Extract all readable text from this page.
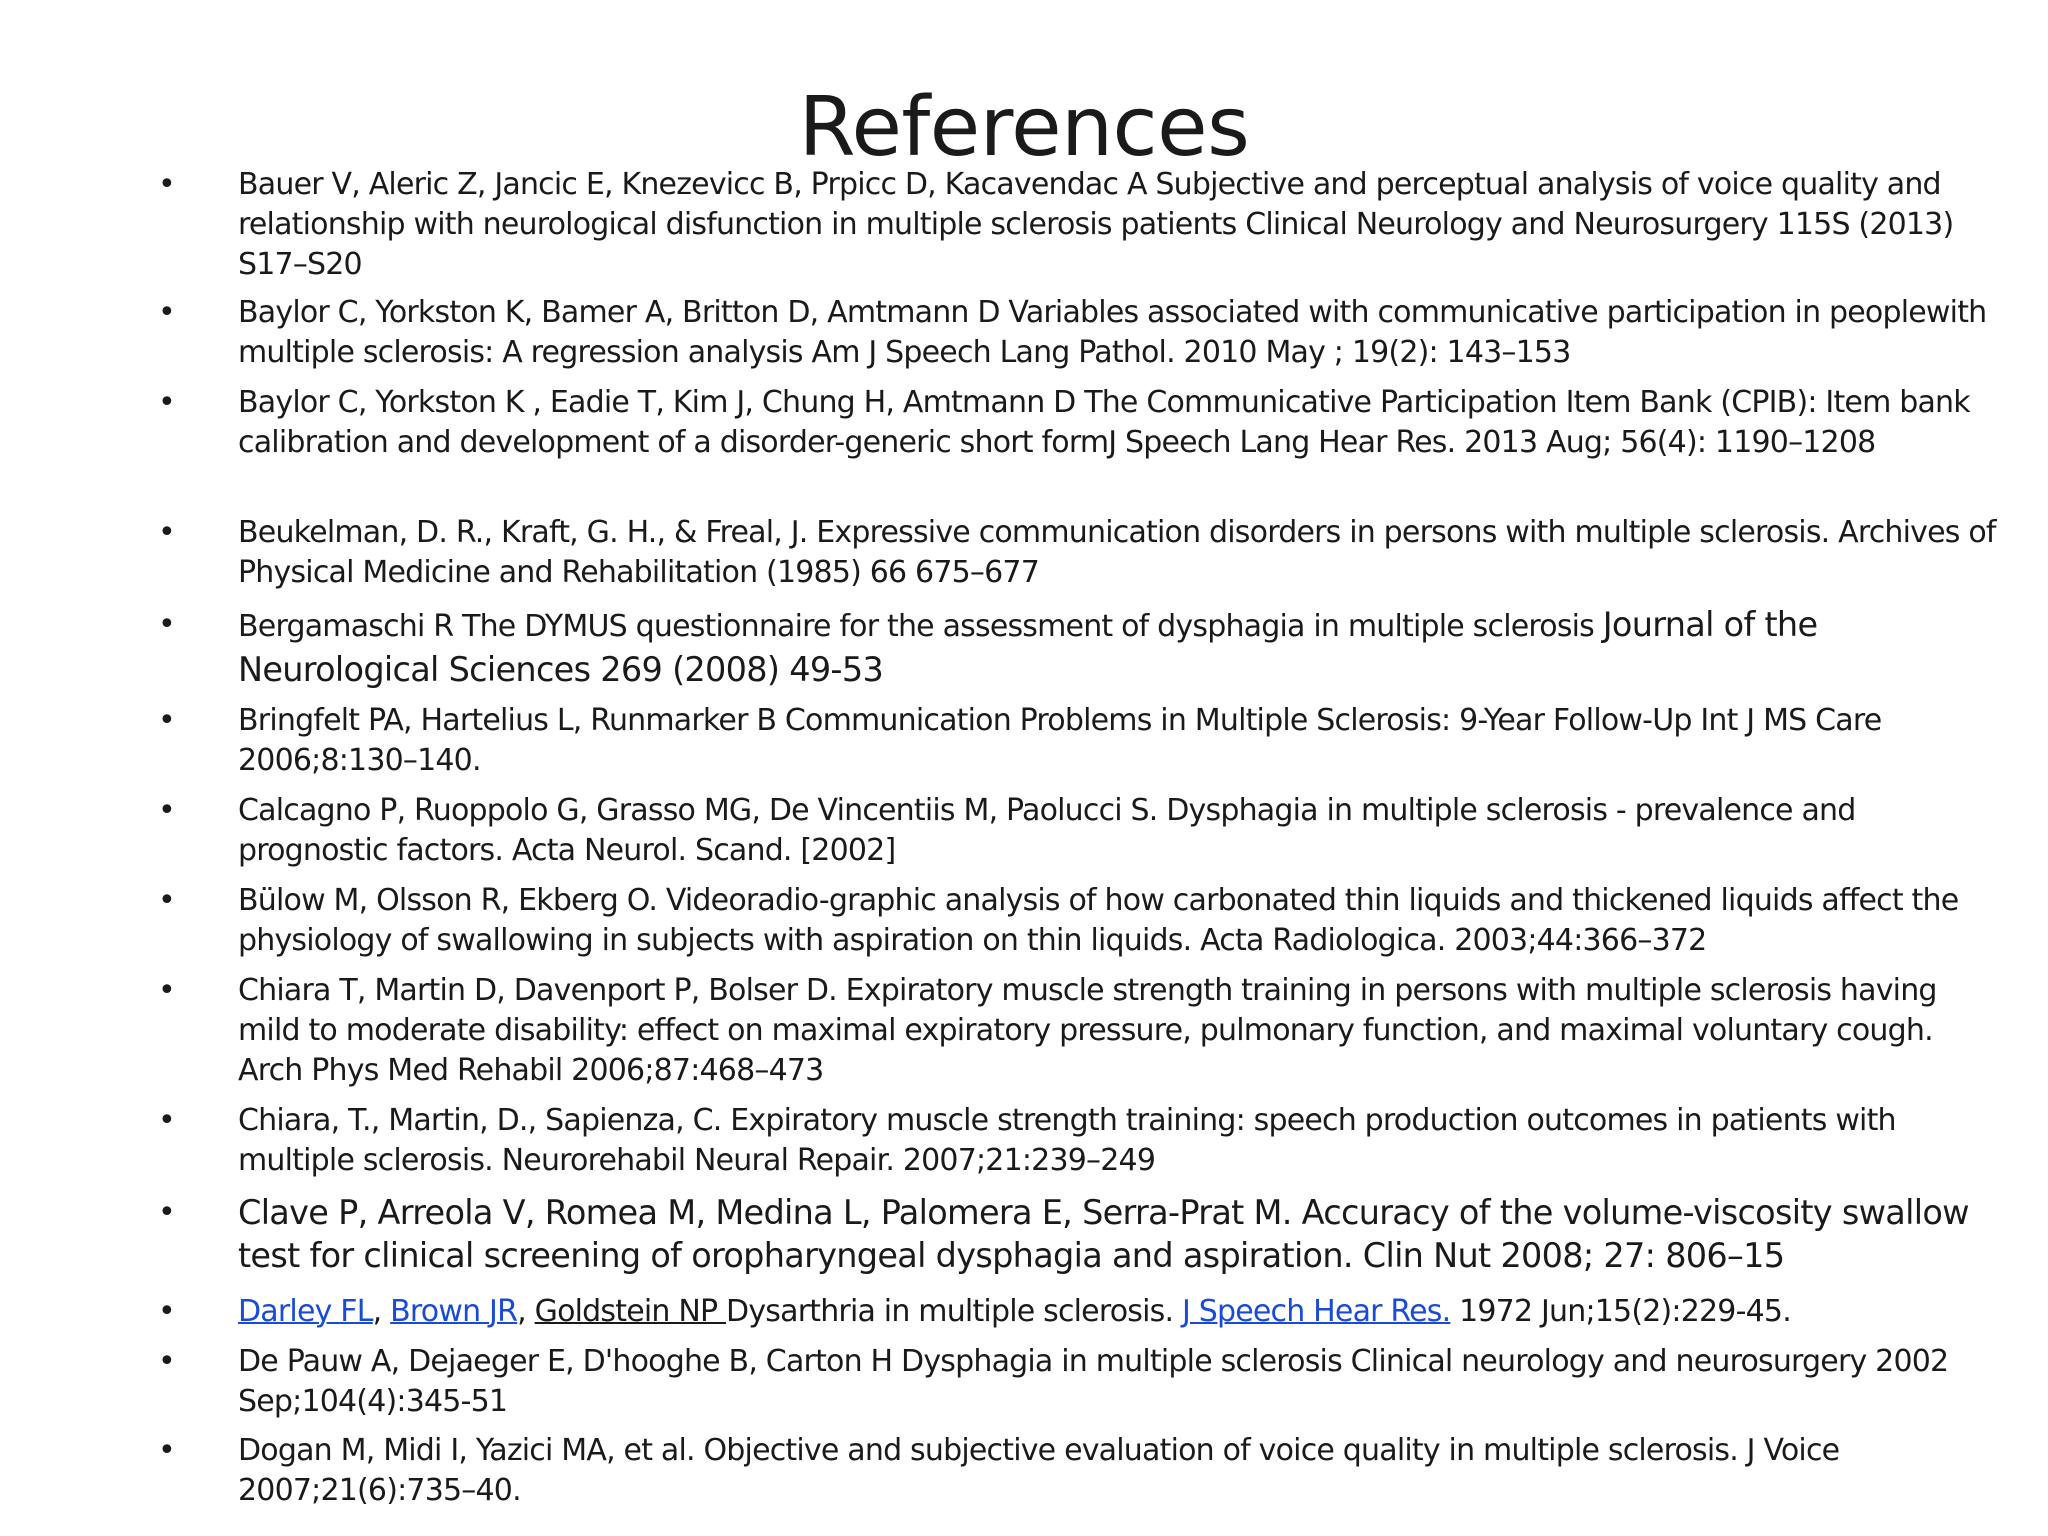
References
• Bauer V, Aleric Z, Jancic E, Knezevicc B, Prpicc D, Kacavendac A Subjective and perceptual analysis of voice quality and relationship with neurological disfunction in multiple sclerosis patients Clinical Neurology and Neurosurgery 115S (2013) S17–S20
• Baylor C, Yorkston K, Bamer A, Britton D, Amtmann D Variables associated with communicative participation in peoplewith multiple sclerosis: A regression analysis Am J Speech Lang Pathol. 2010 May ; 19(2): 143–153
• Baylor C, Yorkston K , Eadie T, Kim J, Chung H, Amtmann D The Communicative Participation Item Bank (CPIB): Item bank calibration and development of a disorder-generic short formJ Speech Lang Hear Res. 2013 Aug; 56(4): 1190–1208
• Beukelman, D. R., Kraft, G. H., & Freal, J. Expressive communication disorders in persons with multiple sclerosis. Archives of Physical Medicine and Rehabilitation (1985) 66 675–677
• Bergamaschi R The DYMUS questionnaire for the assessment of dysphagia in multiple sclerosis Journal of the Neurological Sciences 269 (2008) 49-53
• Bringfelt PA, Hartelius L, Runmarker B Communication Problems in Multiple Sclerosis: 9-Year Follow-Up Int J MS Care 2006;8:130–140.
• Calcagno P, Ruoppolo G, Grasso MG, De Vincentiis M, Paolucci S. Dysphagia in multiple sclerosis - prevalence and prognostic factors. Acta Neurol. Scand. [2002]
• Bülow M, Olsson R, Ekberg O. Videoradio-graphic analysis of how carbonated thin liquids and thickened liquids affect the physiology of swallowing in subjects with aspiration on thin liquids. Acta Radiologica. 2003;44:366–372
• Chiara T, Martin D, Davenport P, Bolser D. Expiratory muscle strength training in persons with multiple sclerosis having mild to moderate disability: effect on maximal expiratory pressure, pulmonary function, and maximal voluntary cough. Arch Phys Med Rehabil 2006;87:468–473
• Chiara, T., Martin, D., Sapienza, C. Expiratory muscle strength training: speech production outcomes in patients with multiple sclerosis. Neurorehabil Neural Repair. 2007;21:239–249
• Clave P, Arreola V, Romea M, Medina L, Palomera E, Serra-Prat M. Accuracy of the volume-viscosity swallow test for clinical screening of oropharyngeal dysphagia and aspiration. Clin Nut 2008; 27: 806–15
• Darley FL, Brown JR, Goldstein NP Dysarthria in multiple sclerosis. J Speech Hear Res. 1972 Jun;15(2):229-45.
• De Pauw A, Dejaeger E, D'hooghe B, Carton H Dysphagia in multiple sclerosis Clinical neurology and neurosurgery 2002 Sep;104(4):345-51
• Dogan M, Midi I, Yazici MA, et al. Objective and subjective evaluation of voice quality in multiple sclerosis. J Voice 2007;21(6):735–40.
